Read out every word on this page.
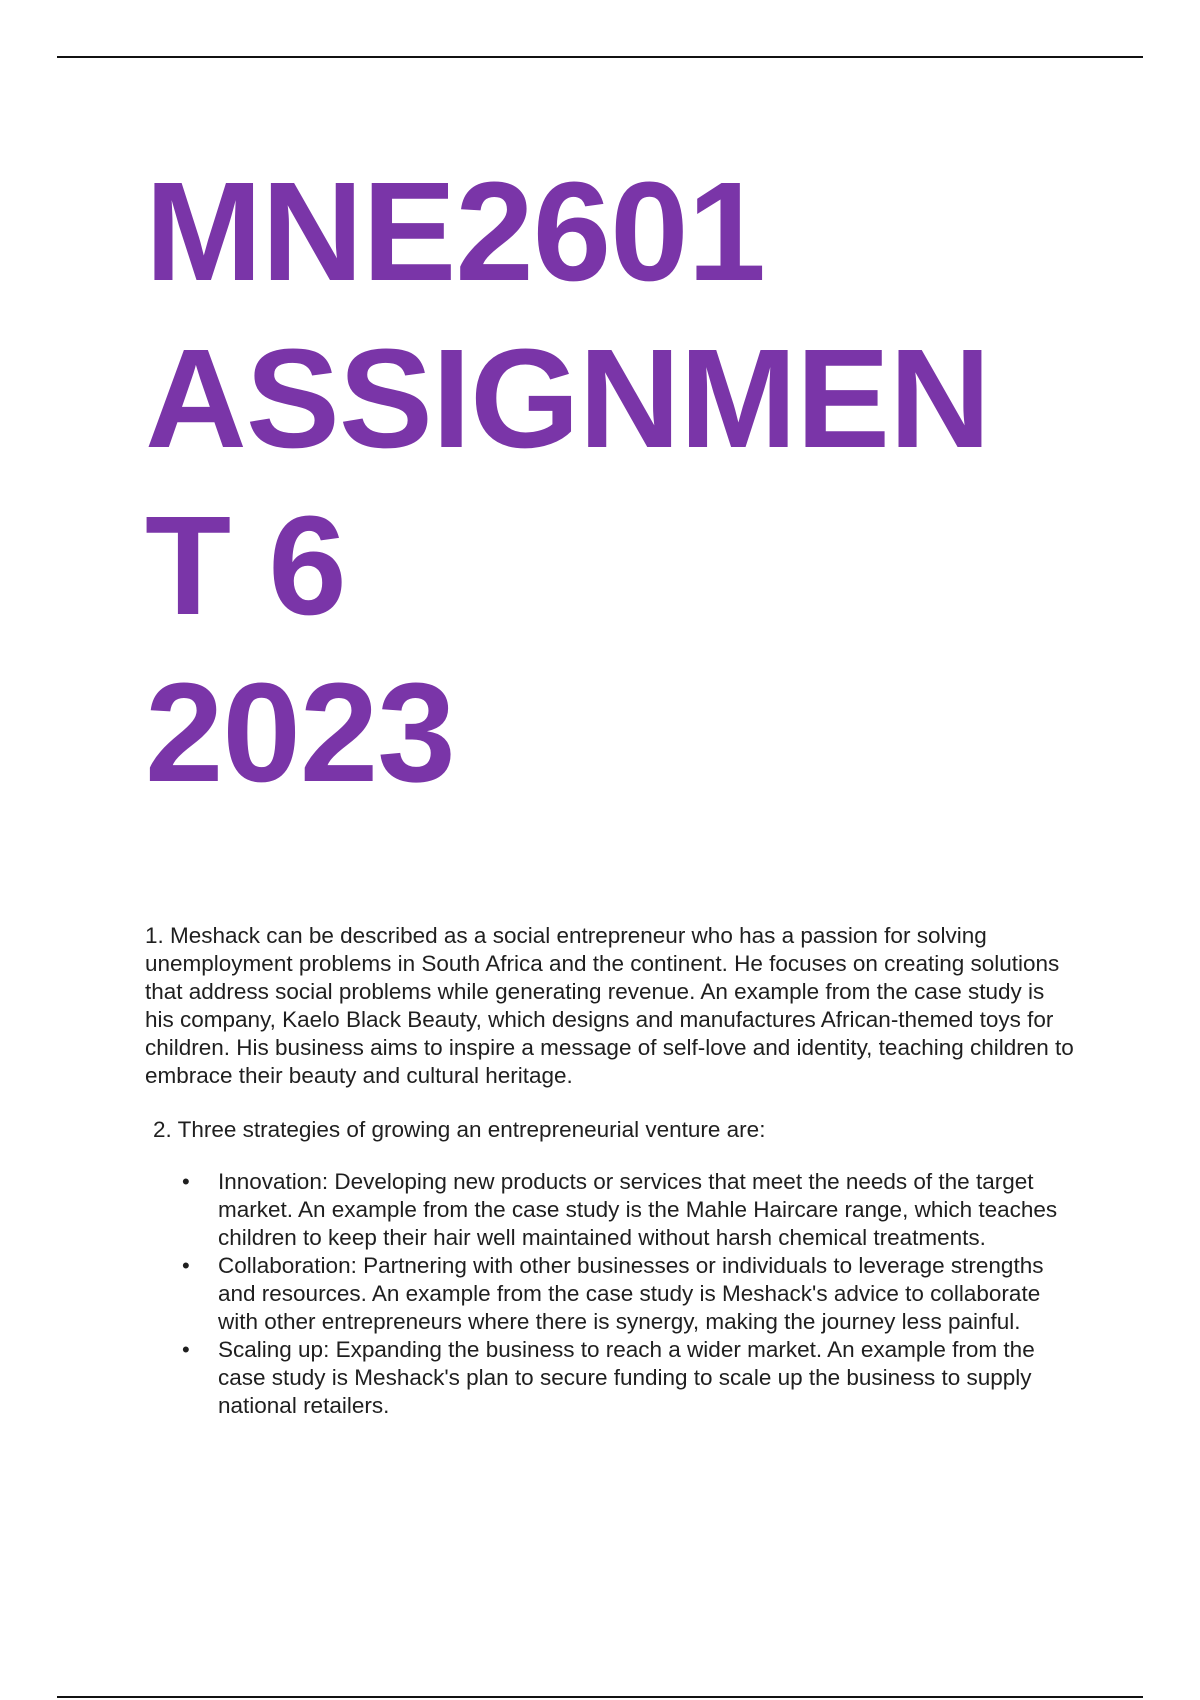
MNE2601
ASSIGNMEN
T 6
2023

1. Meshack can be described as a social entrepreneur who has a passion for solving unemployment problems in South Africa and the continent. He focuses on creating solutions that address social problems while generating revenue. An example from the case study is his company, Kaelo Black Beauty, which designs and manufactures African-themed toys for children. His business aims to inspire a message of self-love and identity, teaching children to embrace their beauty and cultural heritage.

2. Three strategies of growing an entrepreneurial venture are:

• Innovation: Developing new products or services that meet the needs of the target market. An example from the case study is the Mahle Haircare range, which teaches children to keep their hair well maintained without harsh chemical treatments.
• Collaboration: Partnering with other businesses or individuals to leverage strengths and resources. An example from the case study is Meshack's advice to collaborate with other entrepreneurs where there is synergy, making the journey less painful.
• Scaling up: Expanding the business to reach a wider market. An example from the case study is Meshack's plan to secure funding to scale up the business to supply national retailers.
